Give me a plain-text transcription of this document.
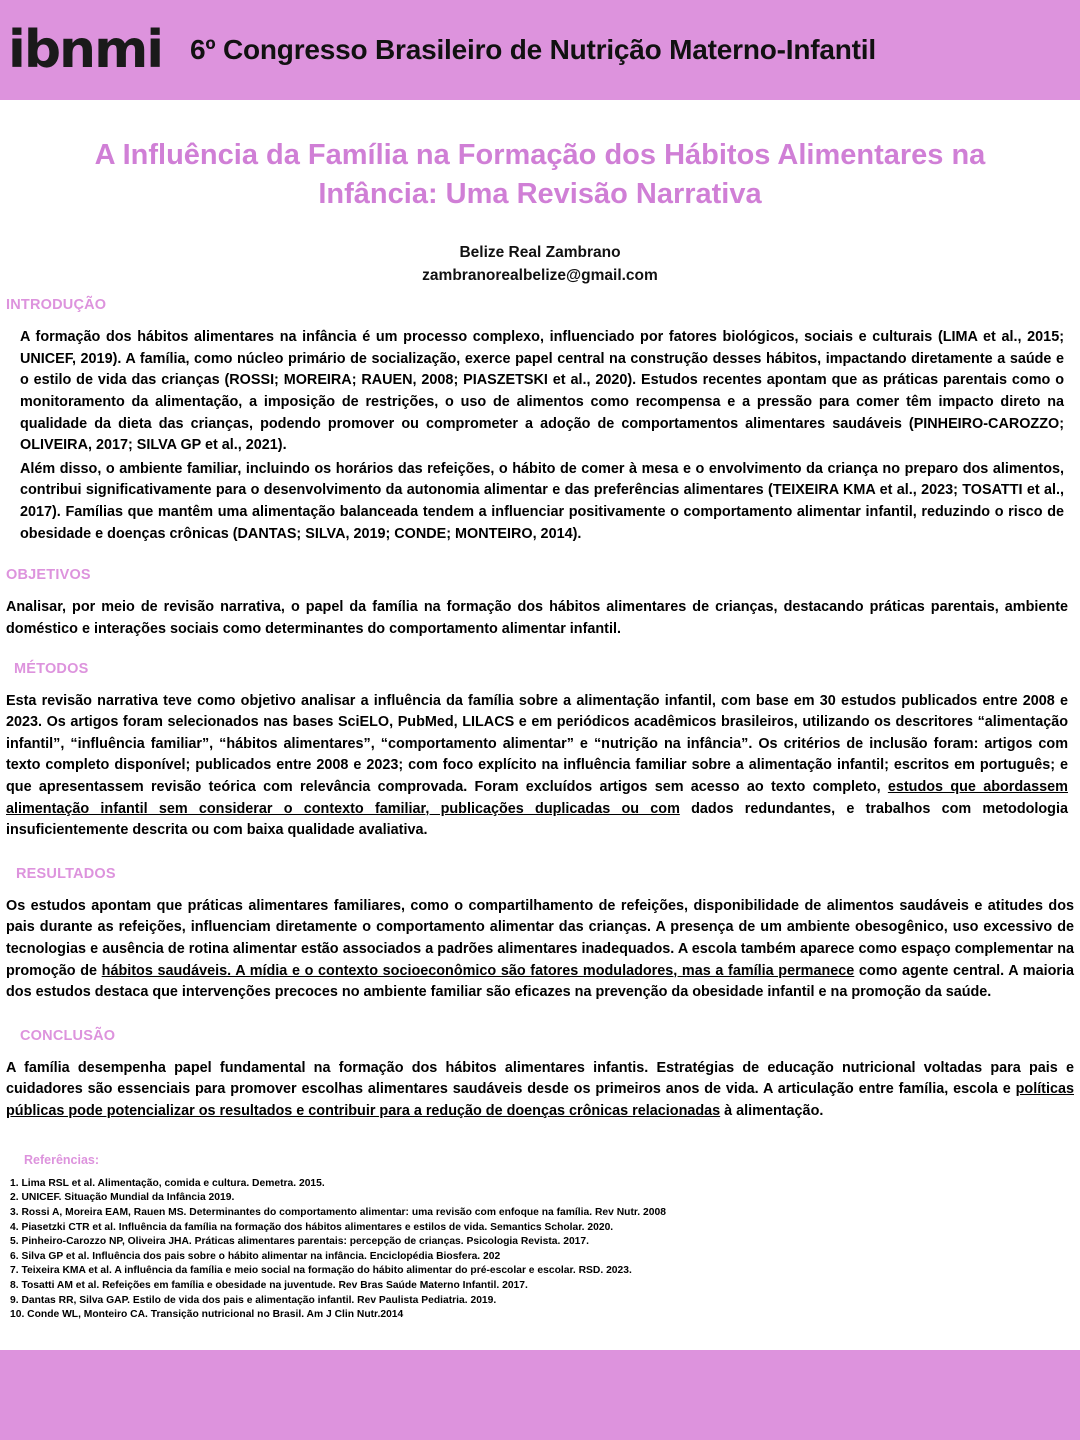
ibnmi 6º Congresso Brasileiro de Nutrição Materno-Infantil
A Influência da Família na Formação dos Hábitos Alimentares na Infância: Uma Revisão Narrativa
Belize Real Zambrano
zambranorealbelize@gmail.com
INTRODUÇÃO

A formação dos hábitos alimentares na infância é um processo complexo, influenciado por fatores biológicos, sociais e culturais (LIMA et al., 2015; UNICEF, 2019). A família, como núcleo primário de socialização, exerce papel central na construção desses hábitos, impactando diretamente a saúde e o estilo de vida das crianças (ROSSI; MOREIRA; RAUEN, 2008; PIASZETSKI et al., 2020). Estudos recentes apontam que as práticas parentais como o monitoramento da alimentação, a imposição de restrições, o uso de alimentos como recompensa e a pressão para comer têm impacto direto na qualidade da dieta das crianças, podendo promover ou comprometer a adoção de comportamentos alimentares saudáveis (PINHEIRO-CAROZZO; OLIVEIRA, 2017; SILVA GP et al., 2021).

Além disso, o ambiente familiar, incluindo os horários das refeições, o hábito de comer à mesa e o envolvimento da criança no preparo dos alimentos, contribui significativamente para o desenvolvimento da autonomia alimentar e das preferências alimentares (TEIXEIRA KMA et al., 2023; TOSATTI et al., 2017). Famílias que mantêm uma alimentação balanceada tendem a influenciar positivamente o comportamento alimentar infantil, reduzindo o risco de obesidade e doenças crônicas (DANTAS; SILVA, 2019; CONDE; MONTEIRO, 2014).

OBJETIVOS

Analisar, por meio de revisão narrativa, o papel da família na formação dos hábitos alimentares de crianças, destacando práticas parentais, ambiente doméstico e interações sociais como determinantes do comportamento alimentar infantil.

MÉTODOS

Esta revisão narrativa teve como objetivo analisar a influência da família sobre a alimentação infantil, com base em 30 estudos publicados entre 2008 e 2023. Os artigos foram selecionados nas bases SciELO, PubMed, LILACS e em periódicos acadêmicos brasileiros, utilizando os descritores “alimentação infantil”, “influência familiar”, “hábitos alimentares”, “comportamento alimentar” e “nutrição na infância”. Os critérios de inclusão foram: artigos com texto completo disponível; publicados entre 2008 e 2023; com foco explícito na influência familiar sobre a alimentação infantil; escritos em português; e que apresentassem revisão teórica com relevância comprovada. Foram excluídos artigos sem acesso ao texto completo, estudos que abordassem alimentação infantil sem considerar o contexto familiar, publicações duplicadas ou com dados redundantes, e trabalhos com metodologia insuficientemente descrita ou com baixa qualidade avaliativa.

RESULTADOS

Os estudos apontam que práticas alimentares familiares, como o compartilhamento de refeições, disponibilidade de alimentos saudáveis e atitudes dos pais durante as refeições, influenciam diretamente o comportamento alimentar das crianças. A presença de um ambiente obesogênico, uso excessivo de tecnologias e ausência de rotina alimentar estão associados a padrões alimentares inadequados. A escola também aparece como espaço complementar na promoção de hábitos saudáveis. A mídia e o contexto socioeconômico são fatores moduladores, mas a família permanece como agente central. A maioria dos estudos destaca que intervenções precoces no ambiente familiar são eficazes na prevenção da obesidade infantil e na promoção da saúde.

CONCLUSÃO

A família desempenha papel fundamental na formação dos hábitos alimentares infantis. Estratégias de educação nutricional voltadas para pais e cuidadores são essenciais para promover escolhas alimentares saudáveis desde os primeiros anos de vida. A articulação entre família, escola e políticas públicas pode potencializar os resultados e contribuir para a redução de doenças crônicas relacionadas à alimentação.

Referências:
1. Lima RSL et al. Alimentação, comida e cultura. Demetra. 2015.
2. UNICEF. Situação Mundial da Infância 2019.
3. Rossi A, Moreira EAM, Rauen MS. Determinantes do comportamento alimentar: uma revisão com enfoque na família. Rev Nutr. 2008
4. Piasetzki CTR et al. Influência da família na formação dos hábitos alimentares e estilos de vida. Semantics Scholar. 2020.
5. Pinheiro-Carozzo NP, Oliveira JHA. Práticas alimentares parentais: percepção de crianças. Psicologia Revista. 2017.
6. Silva GP et al. Influência dos pais sobre o hábito alimentar na infância. Enciclopédia Biosfera. 202
7. Teixeira KMA et al. A influência da família e meio social na formação do hábito alimentar do pré-escolar e escolar. RSD. 2023.
8. Tosatti AM et al. Refeições em família e obesidade na juventude. Rev Bras Saúde Materno Infantil. 2017.
9. Dantas RR, Silva GAP. Estilo de vida dos pais e alimentação infantil. Rev Paulista Pediatria. 2019.
10. Conde WL, Monteiro CA. Transição nutricional no Brasil. Am J Clin Nutr.2014
